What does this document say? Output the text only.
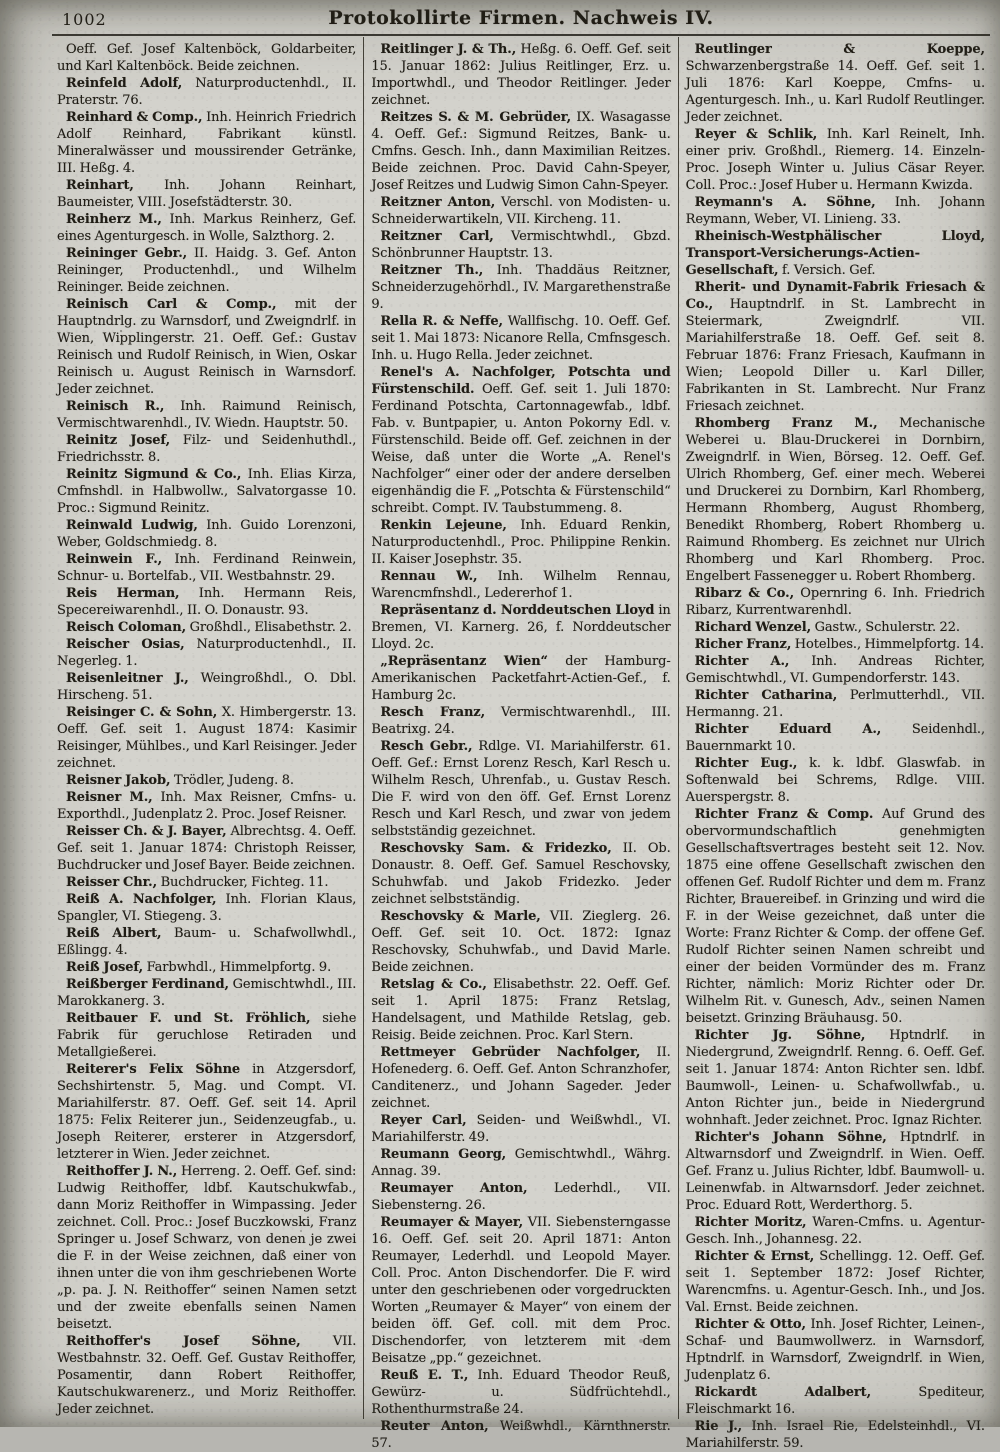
1002	Protokollirte Firmen. Nachweis IV.

Oeff. Gef. Josef Kaltenböck, Goldarbeiter, und Karl Kaltenböck. Beide zeichnen.

Reinfeld Adolf, Naturproductenhdl., II. Praterstr. 76.

Reinhard & Comp., Inh. Heinrich Friedrich Adolf Reinhard, Fabrikant künstl. Mineralwässer und moussirender Getränke, III. Heßg. 4.

Reinhart, Inh. Johann Reinhart, Baumeister, VIII. Josefstädterstr. 30.

Reinherz M., Inh. Markus Reinherz, Gef. eines Agenturgesch. in Wolle, Salzthorg. 2.

Reininger Gebr., II. Haidg. 3. Gef. Anton Reininger, Productenhdl., und Wilhelm Reininger. Beide zeichnen.

Reinisch Carl & Comp., mit der Hauptndrlg. zu Warnsdorf, und Zweigndrlf. in Wien, Wipplingerstr. 21. Oeff. Gef.: Gustav Reinisch und Rudolf Reinisch, in Wien, Oskar Reinisch u. August Reinisch in Warnsdorf. Jeder zeichnet.

Reinisch R., Inh. Raimund Reinisch, Vermischtwarenhdl., IV. Wiedn. Hauptstr. 50.

Reinitz Josef, Filz- und Seidenhuthdl., Friedrichsstr. 8.

Reinitz Sigmund & Co., Inh. Elias Kirza, Cmfnshdl. in Halbwollw., Salvatorgasse 10. Proc.: Sigmund Reinitz.

Reinwald Ludwig, Inh. Guido Lorenzoni, Weber, Goldschmiedg. 8.

Reinwein F., Inh. Ferdinand Reinwein, Schnur- u. Bortelfab., VII. Westbahnstr. 29.

Reis Herman, Inh. Hermann Reis, Specereiwarenhdl., II. O. Donaustr. 93.

Reisch Coloman, Großhdl., Elisabethstr. 2.

Reischer Osias, Naturproductenhdl., II. Negerleg. 1.

Reisenleitner J., Weingroßhdl., O. Dbl. Hirscheng. 51.

Reisinger C. & Sohn, X. Himbergerstr. 13. Oeff. Gef. seit 1. August 1874: Kasimir Reisinger, Mühlbes., und Karl Reisinger. Jeder zeichnet.

Reisner Jakob, Trödler, Judeng. 8.

Reisner M., Inh. Max Reisner, Cmfns- u. Exporthdl., Judenplatz 2. Proc. Josef Reisner.

Reisser Ch. & J. Bayer, Albrechtsg. 4. Oeff. Gef. seit 1. Januar 1874: Christoph Reisser, Buchdrucker und Josef Bayer. Beide zeichnen.

Reisser Chr., Buchdrucker, Fichteg. 11.

Reiß A. Nachfolger, Inh. Florian Klaus, Spangler, VI. Stiegeng. 3.

Reiß Albert, Baum- u. Schafwollwhdl., Eßlingg. 4.

Reiß Josef, Farbwhdl., Himmelpfortg. 9.

Reißberger Ferdinand, Gemischtwhdl., III. Marokkanerg. 3.

Reitbauer F. und St. Fröhlich, siehe Fabrik für geruchlose Retiraden und Metallgießerei.

Reiterer's Felix Söhne in Atzgersdorf, Sechshirtenstr. 5, Mag. und Compt. VI. Mariahilferstr. 87. Oeff. Gef. seit 14. April 1875: Felix Reiterer jun., Seidenzeugfab., u. Joseph Reiterer, ersterer in Atzgersdorf, letzterer in Wien. Jeder zeichnet.

Reithoffer J. N., Herreng. 2. Oeff. Gef. sind: Ludwig Reithoffer, ldbf. Kautschukwfab., dann Moriz Reithoffer in Wimpassing. Jeder zeichnet. Coll. Proc.: Josef Buczkowski, Franz Springer u. Josef Schwarz, von denen je zwei die F. in der Weise zeichnen, daß einer von ihnen unter die von ihm geschriebenen Worte „p. pa. J. N. Reithoffer“ seinen Namen setzt und der zweite ebenfalls seinen Namen beisetzt.

Reithoffer's Josef Söhne, VII. Westbahnstr. 32. Oeff. Gef. Gustav Reithoffer, Posamentir, dann Robert Reithoffer, Kautschukwarenerz., und Moriz Reithoffer. Jeder zeichnet.

Reitlinger J. & Th., Heßg. 6. Oeff. Gef. seit 15. Januar 1862: Julius Reitlinger, Erz. u. Importwhdl., und Theodor Reitlinger. Jeder zeichnet.

Reitzes S. & M. Gebrüder, IX. Wasagasse 4. Oeff. Gef.: Sigmund Reitzes, Bank- u. Cmfns. Gesch. Inh., dann Maximilian Reitzes. Beide zeichnen. Proc. David Cahn-Speyer, Josef Reitzes und Ludwig Simon Cahn-Speyer.

Reitzner Anton, Verschl. von Modisten- u. Schneiderwartikeln, VII. Kircheng. 11.

Reitzner Carl, Vermischtwhdl., Gbzd. Schönbrunner Hauptstr. 13.

Reitzner Th., Inh. Thaddäus Reitzner, Schneiderzugehörhdl., IV. Margarethenstraße 9.

Rella R. & Neffe, Wallfischg. 10. Oeff. Gef. seit 1. Mai 1873: Nicanore Rella, Cmfnsgesch. Inh. u. Hugo Rella. Jeder zeichnet.

Renel's A. Nachfolger, Potschta und Fürstenschild. Oeff. Gef. seit 1. Juli 1870: Ferdinand Potschta, Cartonnagewfab., ldbf. Fab. v. Buntpapier, u. Anton Pokorny Edl. v. Fürstenschild. Beide off. Gef. zeichnen in der Weise, daß unter die Worte „A. Renel's Nachfolger“ einer oder der andere derselben eigenhändig die F. „Potschta & Fürstenschild“ schreibt. Compt. IV. Taubstummeng. 8.

Renkin Lejeune, Inh. Eduard Renkin, Naturproductenhdl., Proc. Philippine Renkin. II. Kaiser Josephstr. 35.

Rennau W., Inh. Wilhelm Rennau, Warencmfnshdl., Ledererhof 1.

Repräsentanz d. Norddeutschen Lloyd in Bremen, VI. Karnerg. 26, f. Norddeutscher Lloyd. 2c.

„Repräsentanz Wien“ der Hamburg-Amerikanischen Packetfahrt-Actien-Gef., f. Hamburg 2c.

Resch Franz, Vermischtwarenhdl., III. Beatrixg. 24.

Resch Gebr., Rdlge. VI. Mariahilferstr. 61. Oeff. Gef.: Ernst Lorenz Resch, Karl Resch u. Wilhelm Resch, Uhrenfab., u. Gustav Resch. Die F. wird von den öff. Gef. Ernst Lorenz Resch und Karl Resch, und zwar von jedem selbstständig gezeichnet.

Reschovsky Sam. & Fridezko, II. Ob. Donaustr. 8. Oeff. Gef. Samuel Reschovsky, Schuhwfab. und Jakob Fridezko. Jeder zeichnet selbstständig.

Reschovsky & Marle, VII. Zieglerg. 26. Oeff. Gef. seit 10. Oct. 1872: Ignaz Reschovsky, Schuhwfab., und David Marle. Beide zeichnen.

Retslag & Co., Elisabethstr. 22. Oeff. Gef. seit 1. April 1875: Franz Retslag, Handelsagent, und Mathilde Retslag, geb. Reisig. Beide zeichnen. Proc. Karl Stern.

Rettmeyer Gebrüder Nachfolger, II. Hofenederg. 6. Oeff. Gef. Anton Schranzhofer, Canditenerz., und Johann Sageder. Jeder zeichnet.

Reyer Carl, Seiden- und Weißwhdl., VI. Mariahilferstr. 49.

Reumann Georg, Gemischtwhdl., Währg. Annag. 39.

Reumayer Anton, Lederhdl., VII. Siebensterng. 26.

Reumayer & Mayer, VII. Siebensterngasse 16. Oeff. Gef. seit 20. April 1871: Anton Reumayer, Lederhdl. und Leopold Mayer. Coll. Proc. Anton Dischendorfer. Die F. wird unter den geschriebenen oder vorgedruckten Worten „Reumayer & Mayer“ von einem der beiden öff. Gef. coll. mit dem Proc. Dischendorfer, von letzterem mit dem Beisatze „pp.“ gezeichnet.

Reuß E. T., Inh. Eduard Theodor Reuß, Gewürz- u. Südfrüchtehdl., Rothenthurmstraße 24.

Reuter Anton, Weißwhdl., Kärnthnerstr. 57.

Reutlinger & Koeppe, Schwarzenbergstraße 14. Oeff. Gef. seit 1. Juli 1876: Karl Koeppe, Cmfns- u. Agenturgesch. Inh., u. Karl Rudolf Reutlinger. Jeder zeichnet.

Reyer & Schlik, Inh. Karl Reinelt, Inh. einer priv. Großhdl., Riemerg. 14. Einzeln-Proc. Joseph Winter u. Julius Cäsar Reyer. Coll. Proc.: Josef Huber u. Hermann Kwizda.

Reymann's A. Söhne, Inh. Johann Reymann, Weber, VI. Linieng. 33.

Rheinisch-Westphälischer Lloyd, Transport-Versicherungs-Actien-Gesellschaft, f. Versich. Gef.

Rherit- und Dynamit-Fabrik Friesach & Co., Hauptndrlf. in St. Lambrecht in Steiermark, Zweigndrlf. VII. Mariahilferstraße 18. Oeff. Gef. seit 8. Februar 1876: Franz Friesach, Kaufmann in Wien; Leopold Diller u. Karl Diller, Fabrikanten in St. Lambrecht. Nur Franz Friesach zeichnet.

Rhomberg Franz M., Mechanische Weberei u. Blau-Druckerei in Dornbirn, Zweigndrlf. in Wien, Börseg. 12. Oeff. Gef. Ulrich Rhomberg, Gef. einer mech. Weberei und Druckerei zu Dornbirn, Karl Rhomberg, Hermann Rhomberg, August Rhomberg, Benedikt Rhomberg, Robert Rhomberg u. Raimund Rhomberg. Es zeichnet nur Ulrich Rhomberg und Karl Rhomberg. Proc. Engelbert Fassenegger u. Robert Rhomberg.

Ribarz & Co., Opernring 6. Inh. Friedrich Ribarz, Kurrentwarenhdl.

Richard Wenzel, Gastw., Schulerstr. 22.

Richer Franz, Hotelbes., Himmelpfortg. 14.

Richter A., Inh. Andreas Richter, Gemischtwhdl., VI. Gumpendorferstr. 143.

Richter Catharina, Perlmutterhdl., VII. Hermanng. 21.

Richter Eduard A., Seidenhdl., Bauernmarkt 10.

Richter Eug., k. k. ldbf. Glaswfab. in Softenwald bei Schrems, Rdlge. VIII. Auerspergstr. 8.

Richter Franz & Comp. Auf Grund des obervormundschaftlich genehmigten Gesellschaftsvertrages besteht seit 12. Nov. 1875 eine offene Gesellschaft zwischen den offenen Gef. Rudolf Richter und dem m. Franz Richter, Brauereibef. in Grinzing und wird die F. in der Weise gezeichnet, daß unter die Worte: Franz Richter & Comp. der offene Gef. Rudolf Richter seinen Namen schreibt und einer der beiden Vormünder des m. Franz Richter, nämlich: Moriz Richter oder Dr. Wilhelm Rit. v. Gunesch, Adv., seinen Namen beisetzt. Grinzing Bräuhausg. 50.

Richter Jg. Söhne, Hptndrlf. in Niedergrund, Zweigndrlf. Renng. 6. Oeff. Gef. seit 1. Januar 1874: Anton Richter sen. ldbf. Baumwoll-, Leinen- u. Schafwollwfab., u. Anton Richter jun., beide in Niedergrund wohnhaft. Jeder zeichnet. Proc. Ignaz Richter.

Richter's Johann Söhne, Hptndrlf. in Altwarnsdorf und Zweigndrlf. in Wien. Oeff. Gef. Franz u. Julius Richter, ldbf. Baumwoll- u. Leinenwfab. in Altwarnsdorf. Jeder zeichnet. Proc. Eduard Rott, Werderthorg. 5.

Richter Moritz, Waren-Cmfns. u. Agentur-Gesch. Inh., Johannesg. 22.

Richter & Ernst, Schellingg. 12. Oeff. Gef. seit 1. September 1872: Josef Richter, Warencmfns. u. Agentur-Gesch. Inh., und Jos. Val. Ernst. Beide zeichnen.

Richter & Otto, Inh. Josef Richter, Leinen-, Schaf- und Baumwollwerz. in Warnsdorf, Hptndrlf. in Warnsdorf, Zweigndrlf. in Wien, Judenplatz 6.

Rickardt Adalbert,	Spediteur, Fleischmarkt 16.

Rie J., Inh. Israel Rie, Edelsteinhdl., VI. Mariahilferstr. 59.
